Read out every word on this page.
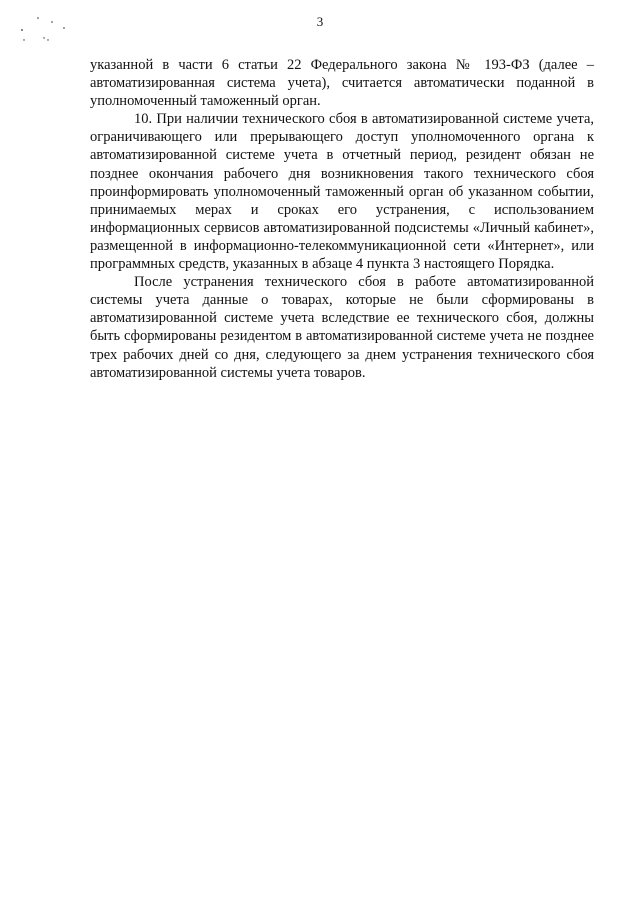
3

указанной в части 6 статьи 22 Федерального закона № 193-ФЗ (далее – автоматизированная система учета), считается автоматически поданной в уполномоченный таможенный орган.

10. При наличии технического сбоя в автоматизированной системе учета, ограничивающего или прерывающего доступ уполномоченного органа к автоматизированной системе учета в отчетный период, резидент обязан не позднее окончания рабочего дня возникновения такого технического сбоя проинформировать уполномоченный таможенный орган об указанном событии, принимаемых мерах и сроках его устранения, с использованием информационных сервисов автоматизированной подсистемы «Личный кабинет», размещенной в информационно-телекоммуникационной сети «Интернет», или программных средств, указанных в абзаце 4 пункта 3 настоящего Порядка.

После устранения технического сбоя в работе автоматизированной системы учета данные о товарах, которые не были сформированы в автоматизированной системе учета вследствие ее технического сбоя, должны быть сформированы резидентом в автоматизированной системе учета не позднее трех рабочих дней со дня, следующего за днем устранения технического сбоя автоматизированной системы учета товаров.
